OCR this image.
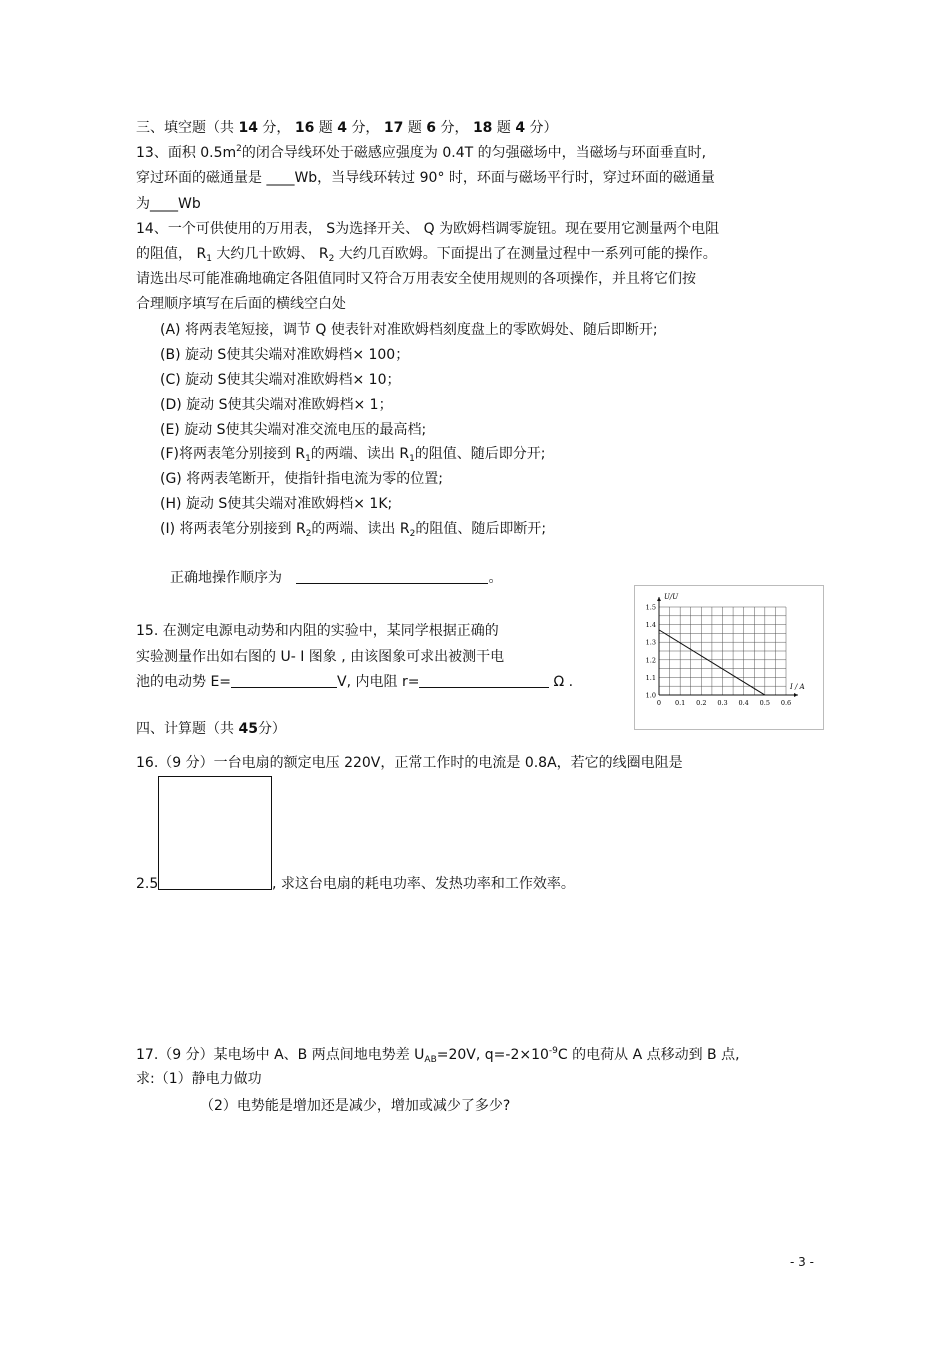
三、填空题（共 14 分， 16 题 4 分， 17 题 6 分， 18 题 4 分）
13、面积 $0.5m^2$的闭合导线环处于磁感应强度为 0.4T 的匀强磁场中，当磁场与环面垂直时,
穿过环面的磁通量是 ____Wb，当导线环转过 90° 时，环面与磁场平行时，穿过环面的磁通量
为____Wb
14、一个可供使用的万用表， S为选择开关、 Q 为欧姆档调零旋钮。现在要用它测量两个电阻
的阻值， $R_1$ 大约几十欧姆、 $R_2$ 大约几百欧姆。下面提出了在测量过程中一系列可能的操作。
请选出尽可能准确地确定各阻值同时又符合万用表安全使用规则的各项操作，并且将它们按
合理顺序填写在后面的横线空白处
(A) 将两表笔短接，调节 Q 使表针对准欧姆档刻度盘上的零欧姆处、随后即断开;
(B) 旋动 S使其尖端对准欧姆档× 100；
(C) 旋动 S使其尖端对准欧姆档× 10；
(D) 旋动 S使其尖端对准欧姆档× 1；
(E) 旋动 S使其尖端对准交流电压的最高档;
(F)将两表笔分别接到 $R_1$的两端、读出 $R_1$的阻值、随后即分开;
(G) 将两表笔断开，使指针指电流为零的位置;
(H) 旋动 S使其尖端对准欧姆档× 1K;
(I) 将两表笔分别接到 $R_2$的两端、读出 $R_2$的阻值、随后即断开;
正确地操作顺序为	。
15. 在测定电源电动势和内阻的实验中，某同学根据正确的
实验测量作出如右图的 U- I 图象 , 由该图象可求出被测干电
池的电动势 E=	V, 内电阻 r=	Ω .
0 0.1 0.2 0.3 0.4 0.5 0.6
1.0
1.1
1.2
1.3
1.4
1.5
U/U
I / A
四、计算题（共 45分）
16.（9 分）一台电扇的额定电压 220V，正常工作时的电流是 0.8A，若它的线圈电阻是
2.5	, 求这台电扇的耗电功率、发热功率和工作效率。
17.（9 分）某电场中 A、B 两点间地电势差 $U_{AB}=20V$, $q=-2\times 10^{-9}C$ 的电荷从 A 点移动到 B 点,
求:（1）静电力做功
（2）电势能是增加还是减少，增加或减少了多少?
- 3 -
